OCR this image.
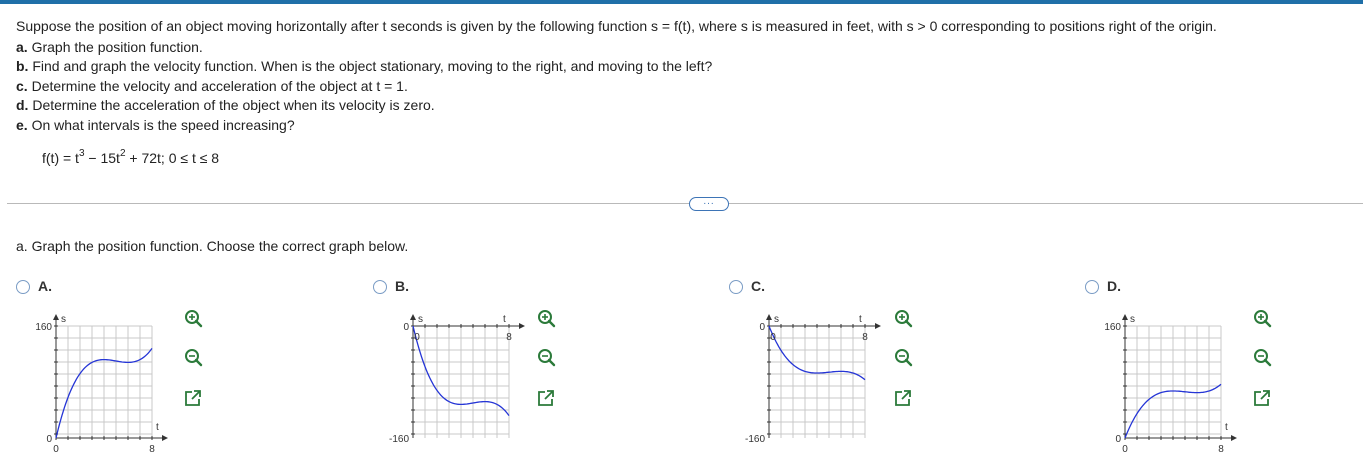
Suppose the position of an object moving horizontally after t seconds is given by the following function s = f(t), where s is measured in feet, with s > 0 corresponding to positions right of the origin.

a. Graph the position function.

b. Find and graph the velocity function. When is the object stationary, moving to the right, and moving to the left?

c. Determine the velocity and acceleration of the object at t = 1.

d. Determine the acceleration of the object when its velocity is zero.

e. On what intervals is the speed increasing?

$f(t) = t^3 - 15t^2 + 72t$; 0 ≤ t ≤ 8
...
a. Graph the position function. Choose the correct graph below.
A.
s
t
160
0
0	8
B.
s	t
0
-160
0	8
C.
s	t
0
-160
0	8
D.
s
t
160
0
0	8
